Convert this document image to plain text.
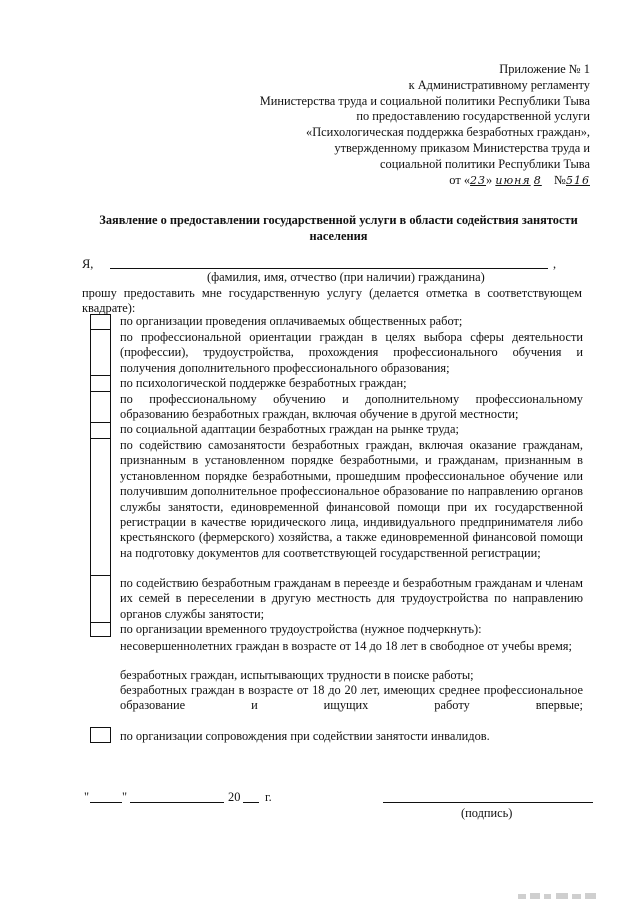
Приложение № 1
к Административному регламенту
Министерства труда и социальной политики Республики Тыва
по предоставлению государственной услуги
«Психологическая поддержка безработных граждан»,
утвержденному приказом Министерства труда и
социальной политики Республики Тыва
от «23» июня 8 №516
Заявление о предоставлении государственной услуги в области содействия занятости
населения
Я,	,
(фамилия, имя, отчество (при наличии) гражданина)
прошу предоставить мне государственную услугу (делается отметка в соответствующем квадрате):
по организации проведения оплачиваемых общественных работ;
по профессиональной ориентации граждан в целях выбора сферы деятельности (профессии), трудоустройства, прохождения профессионального обучения и получения дополнительного профессионального образования;
по психологической поддержке безработных граждан;
по профессиональному обучению и дополнительному профессиональному образованию безработных граждан, включая обучение в другой местности;
по социальной адаптации безработных граждан на рынке труда;
по содействию самозанятости безработных граждан, включая оказание гражданам, признанным в установленном порядке безработными, и гражданам, признанным в установленном порядке безработными, прошедшим профессиональное обучение или получившим дополнительное профессиональное образование по направлению органов службы занятости, единовременной финансовой помощи при их государственной регистрации в качестве юридического лица, индивидуального предпринимателя либо крестьянского (фермерского) хозяйства, а также единовременной финансовой помощи на подготовку документов для соответствующей государственной регистрации;
по содействию безработным гражданам в переезде и безработным гражданам и членам их семей в переселении в другую местность для трудоустройства по направлению органов службы занятости;
по организации временного трудоустройства (нужное подчеркнуть):
несовершеннолетних граждан в возрасте от 14 до 18 лет в свободное от учебы время;
безработных граждан, испытывающих трудности в поиске работы;
безработных граждан в возрасте от 18 до 20 лет, имеющих среднее профессиональное образование и ищущих работу впервые;
по организации сопровождения при содействии занятости инвалидов.
"	"	20 г.
(подпись)
